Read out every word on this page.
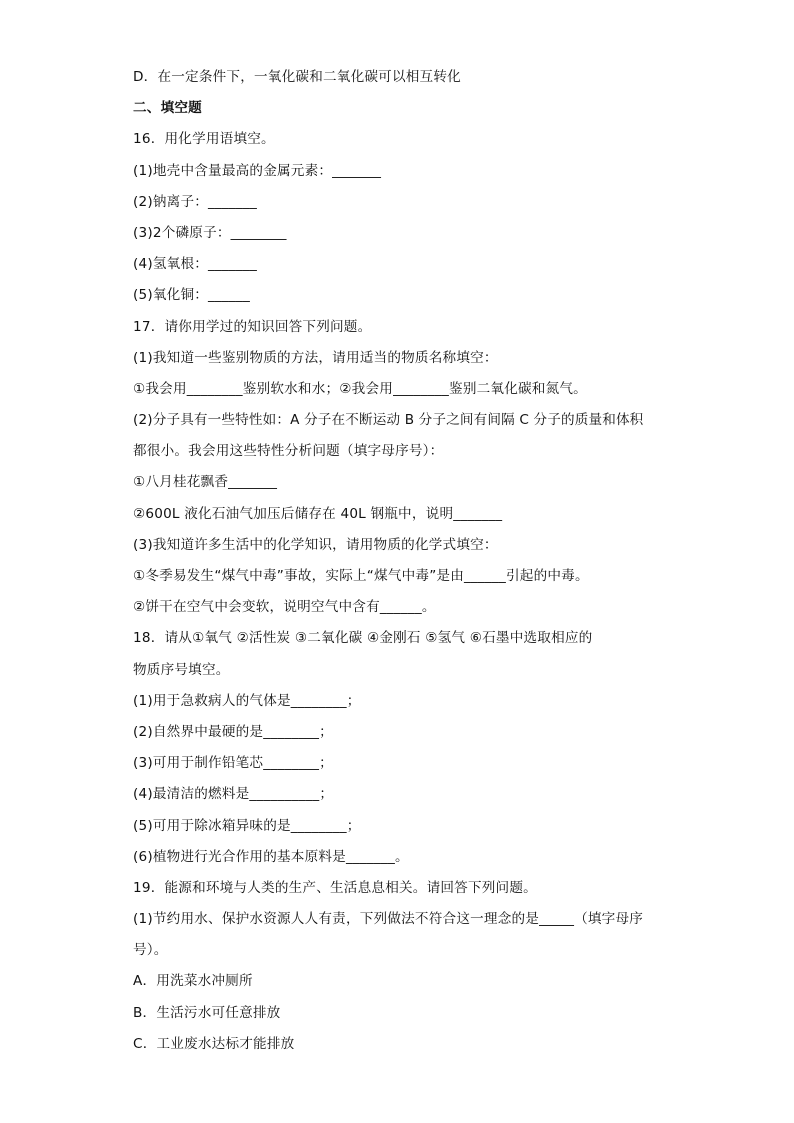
D．在一定条件下，一氧化碳和二氧化碳可以相互转化
二、填空题
16．用化学用语填空。
(1)地壳中含量最高的金属元素：_______
(2)钠离子：_______
(3)2个磷原子：________
(4)氢氧根：_______
(5)氧化铜：______
17．请你用学过的知识回答下列问题。
(1)我知道一些鉴别物质的方法，请用适当的物质名称填空：
①我会用________鉴别软水和水；②我会用________鉴别二氧化碳和氮气。
(2)分子具有一些特性如：A 分子在不断运动 B 分子之间有间隔 C 分子的质量和体积
都很小。我会用这些特性分析问题（填字母序号）：
①八月桂花飘香_______
②600L 液化石油气加压后储存在 40L 钢瓶中，说明_______
(3)我知道许多生活中的化学知识，请用物质的化学式填空：
①冬季易发生“煤气中毒”事故，实际上“煤气中毒”是由______引起的中毒。
②饼干在空气中会变软，说明空气中含有______。
18．请从①氧气 ②活性炭 ③二氧化碳 ④金刚石 ⑤氢气 ⑥石墨中选取相应的
物质序号填空。
(1)用于急救病人的气体是________；
(2)自然界中最硬的是________；
(3)可用于制作铅笔芯________；
(4)最清洁的燃料是__________；
(5)可用于除冰箱异味的是________；
(6)植物进行光合作用的基本原料是_______。
19．能源和环境与人类的生产、生活息息相关。请回答下列问题。
(1)节约用水、保护水资源人人有责，下列做法不符合这一理念的是_____（填字母序
号）。
A．用洗菜水冲厕所
B．生活污水可任意排放
C．工业废水达标才能排放
